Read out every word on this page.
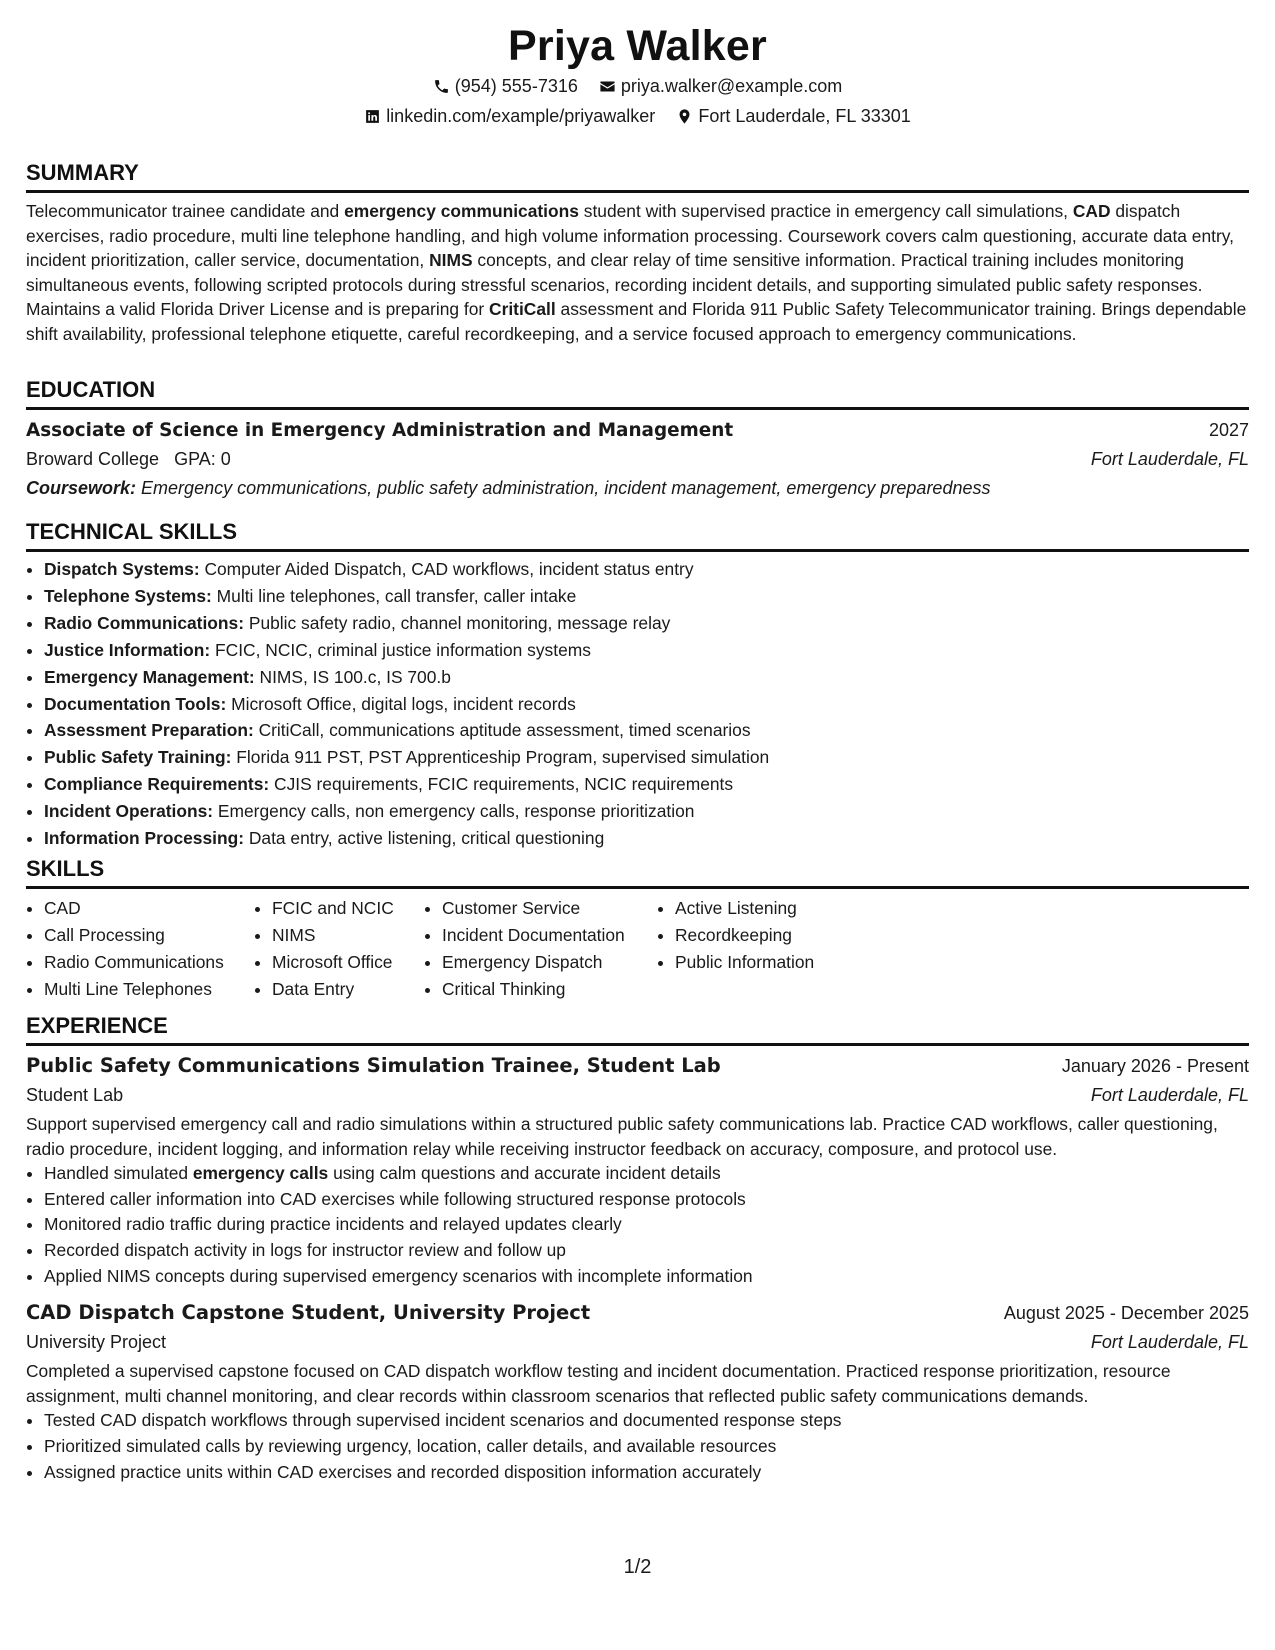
Priya Walker
(954) 555-7316
priya.walker@example.com
linkedin.com/example/priyawalker
Fort Lauderdale, FL 33301
SUMMARY
Telecommunicator trainee candidate and emergency communications student with supervised practice in emergency call simulations, CAD dispatch exercises, radio procedure, multi line telephone handling, and high volume information processing. Coursework covers calm questioning, accurate data entry, incident prioritization, caller service, documentation, NIMS concepts, and clear relay of time sensitive information. Practical training includes monitoring simultaneous events, following scripted protocols during stressful scenarios, recording incident details, and supporting simulated public safety responses. Maintains a valid Florida Driver License and is preparing for CritiCall assessment and Florida 911 Public Safety Telecommunicator training. Brings dependable shift availability, professional telephone etiquette, careful recordkeeping, and a service focused approach to emergency communications.
EDUCATION
Associate of Science in Emergency Administration and Management	2027
Broward College GPA: 0	Fort Lauderdale, FL
Coursework: Emergency communications, public safety administration, incident management, emergency preparedness
TECHNICAL SKILLS
• Dispatch Systems: Computer Aided Dispatch, CAD workflows, incident status entry
• Telephone Systems: Multi line telephones, call transfer, caller intake
• Radio Communications: Public safety radio, channel monitoring, message relay
• Justice Information: FCIC, NCIC, criminal justice information systems
• Emergency Management: NIMS, IS 100.c, IS 700.b
• Documentation Tools: Microsoft Office, digital logs, incident records
• Assessment Preparation: CritiCall, communications aptitude assessment, timed scenarios
• Public Safety Training: Florida 911 PST, PST Apprenticeship Program, supervised simulation
• Compliance Requirements: CJIS requirements, FCIC requirements, NCIC requirements
• Incident Operations: Emergency calls, non emergency calls, response prioritization
• Information Processing: Data entry, active listening, critical questioning
SKILLS
• CAD
• Call Processing
• Radio Communications
• Multi Line Telephones
• FCIC and NCIC
• NIMS
• Microsoft Office
• Data Entry
• Customer Service
• Incident Documentation
• Emergency Dispatch
• Critical Thinking
• Active Listening
• Recordkeeping
• Public Information
EXPERIENCE
Public Safety Communications Simulation Trainee, Student Lab	January 2026 - Present
Student Lab	Fort Lauderdale, FL
Support supervised emergency call and radio simulations within a structured public safety communications lab. Practice CAD workflows, caller questioning, radio procedure, incident logging, and information relay while receiving instructor feedback on accuracy, composure, and protocol use.
• Handled simulated emergency calls using calm questions and accurate incident details
• Entered caller information into CAD exercises while following structured response protocols
• Monitored radio traffic during practice incidents and relayed updates clearly
• Recorded dispatch activity in logs for instructor review and follow up
• Applied NIMS concepts during supervised emergency scenarios with incomplete information
CAD Dispatch Capstone Student, University Project	August 2025 - December 2025
University Project	Fort Lauderdale, FL
Completed a supervised capstone focused on CAD dispatch workflow testing and incident documentation. Practiced response prioritization, resource assignment, multi channel monitoring, and clear records within classroom scenarios that reflected public safety communications demands.
• Tested CAD dispatch workflows through supervised incident scenarios and documented response steps
• Prioritized simulated calls by reviewing urgency, location, caller details, and available resources
• Assigned practice units within CAD exercises and recorded disposition information accurately
1/2
